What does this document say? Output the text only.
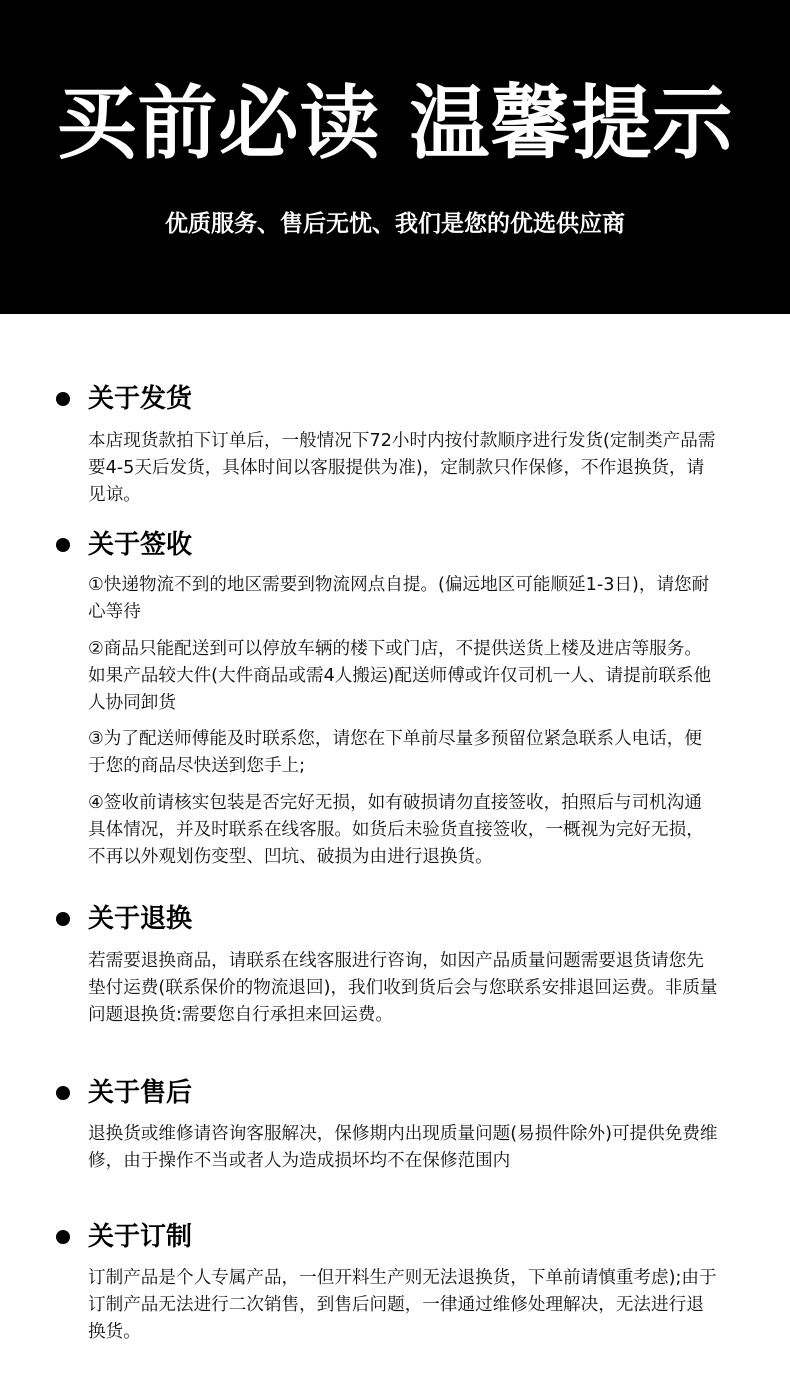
买前必读 温馨提示

优质服务、售后无忧、我们是您的优选供应商

关于发货

本店现货款拍下订单后，一般情况下72小时内按付款顺序进行发货(定制类产品需要4-5天后发货，具体时间以客服提供为准)，定制款只作保修，不作退换货，请见谅。

关于签收

①快递物流不到的地区需要到物流网点自提。(偏远地区可能顺延1-3日)，请您耐心等待

②商品只能配送到可以停放车辆的楼下或门店，不提供送货上楼及进店等服务。如果产品较大件(大件商品或需4人搬运)配送师傅或许仅司机一人、请提前联系他人协同卸货

③为了配送师傅能及时联系您，请您在下单前尽量多预留位紧急联系人电话，便于您的商品尽快送到您手上;

④签收前请核实包装是否完好无损，如有破损请勿直接签收，拍照后与司机沟通具体情况，并及时联系在线客服。如货后未验货直接签收，一概视为完好无损，不再以外观划伤变型、凹坑、破损为由进行退换货。

关于退换

若需要退换商品，请联系在线客服进行咨询，如因产品质量问题需要退货请您先垫付运费(联系保价的物流退回)，我们收到货后会与您联系安排退回运费。非质量问题退换货:需要您自行承担来回运费。

关于售后

退换货或维修请咨询客服解决，保修期内出现质量问题(易损件除外)可提供免费维修，由于操作不当或者人为造成损坏均不在保修范围内

关于订制

订制产品是个人专属产品，一但开料生产则无法退换货，下单前请慎重考虑);由于订制产品无法进行二次销售，到售后问题，一律通过维修处理解决，无法进行退换货。
